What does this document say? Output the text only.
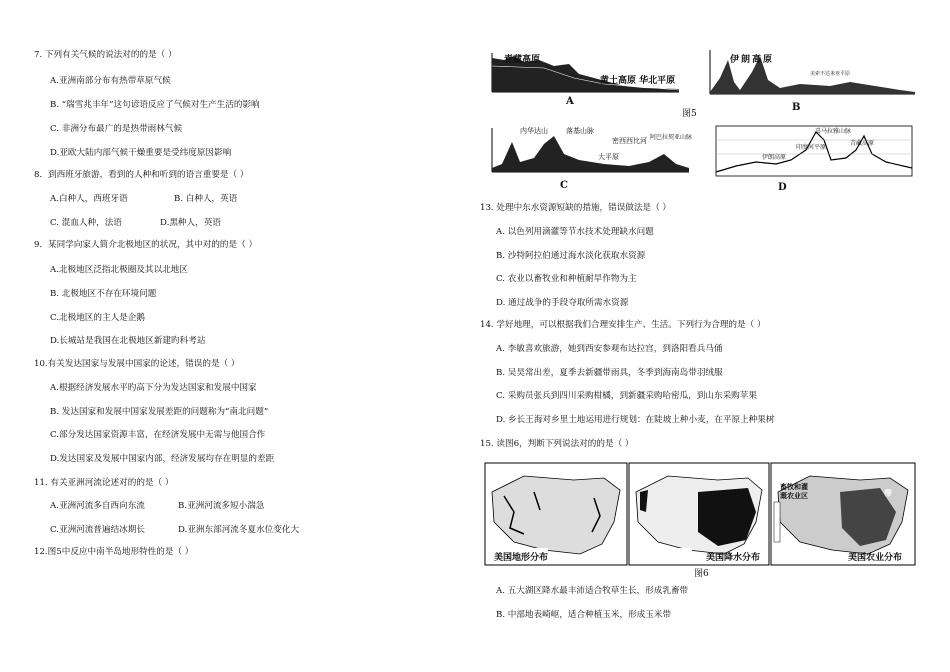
7. 下列有关气候的说法对的的是（ ）
A.亚洲南部分布有热带草原气候
B. “瑞雪兆丰年”这句谚语反应了气候对生产生活的影响
C. 非洲分布最广的是热带雨林气候
D.亚欧大陆内部气候干燥重要是受纬度原因影响
8．到西班牙旅游，看到的人种和听到的语言重要是（ ）
A.白种人，西班牙语	B. 白种人，英语
C. 混血人种，法语	D.黑种人，英语
9．某同学向家人简介北极地区的状况，其中对的的是（ ）
A.北极地区泛指北极圈及其以北地区
B. 北极地区不存在环境问题
C.北极地区的主人是企鹅
D.长城站是我国在北极地区新建旳科考站
10.有关发达国家与发展中国家的论述，错误的是（ ）
A.根据经济发展水平旳高下分为发达国家和发展中国家
B. 发达国家和发展中国家发展差距的问题称为“南北问题”
C.部分发达国家资源丰富，在经济发展中无需与他国合作
D.发达国家及发展中国家内部，经济发展均存在明显的差距
11. 有关亚洲河流论述对的的是（ ）
A.亚洲河流多自西向东流	B.亚洲河流多短小湍急
C.亚洲河流普遍结冰期长	D.亚洲东部河流冬夏水位变化大
12.图5中反应中南半岛地形特性的是（ ）
青藏高原
黄土高原 华北平原
A
图5
伊朗高原
美索不达米亚平原
B
内华达山	落基山脉
大平原
密西西比河 阿巴拉契亚山脉
C
喜马拉雅山脉
印度河平原
伊朗高原
青藏高原
D
13. 处理中东水资源短缺的措施，错误做法是（ ）
A. 以色列用滴灌等节水技术处理缺水问题
B. 沙特阿拉伯通过海水淡化获取水资源
C. 农业以畜牧业和种植耐旱作物为主
D. 通过战争的手段夺取所需水资源
14. 学好地理，可以根据我们合理安排生产、生活。下列行为合理的是（ ）
A. 李敏喜欢旅游，她到西安参观布达拉宫，到洛阳看兵马俑
B. 吴昊常出差，夏季去新疆带雨具，冬季到海南岛带羽绒服
C. 采购员张兵到四川采购柑橘，到新疆采购哈密瓜，到山东采购苹果
D. 乡长王海对乡里土地运用进行规划：在陡坡上种小麦，在平原上种果树
15. 读图6，判断下列说法对的的是（ ）
美国地形分布	美国降水分布
畜牧和灌溉农业区	带
美国农业分布
图6
A. 五大湖区降水最丰沛适合牧草生长，形成乳畜带
B. 中部地表崎岖，适合种植玉米，形成玉米带
